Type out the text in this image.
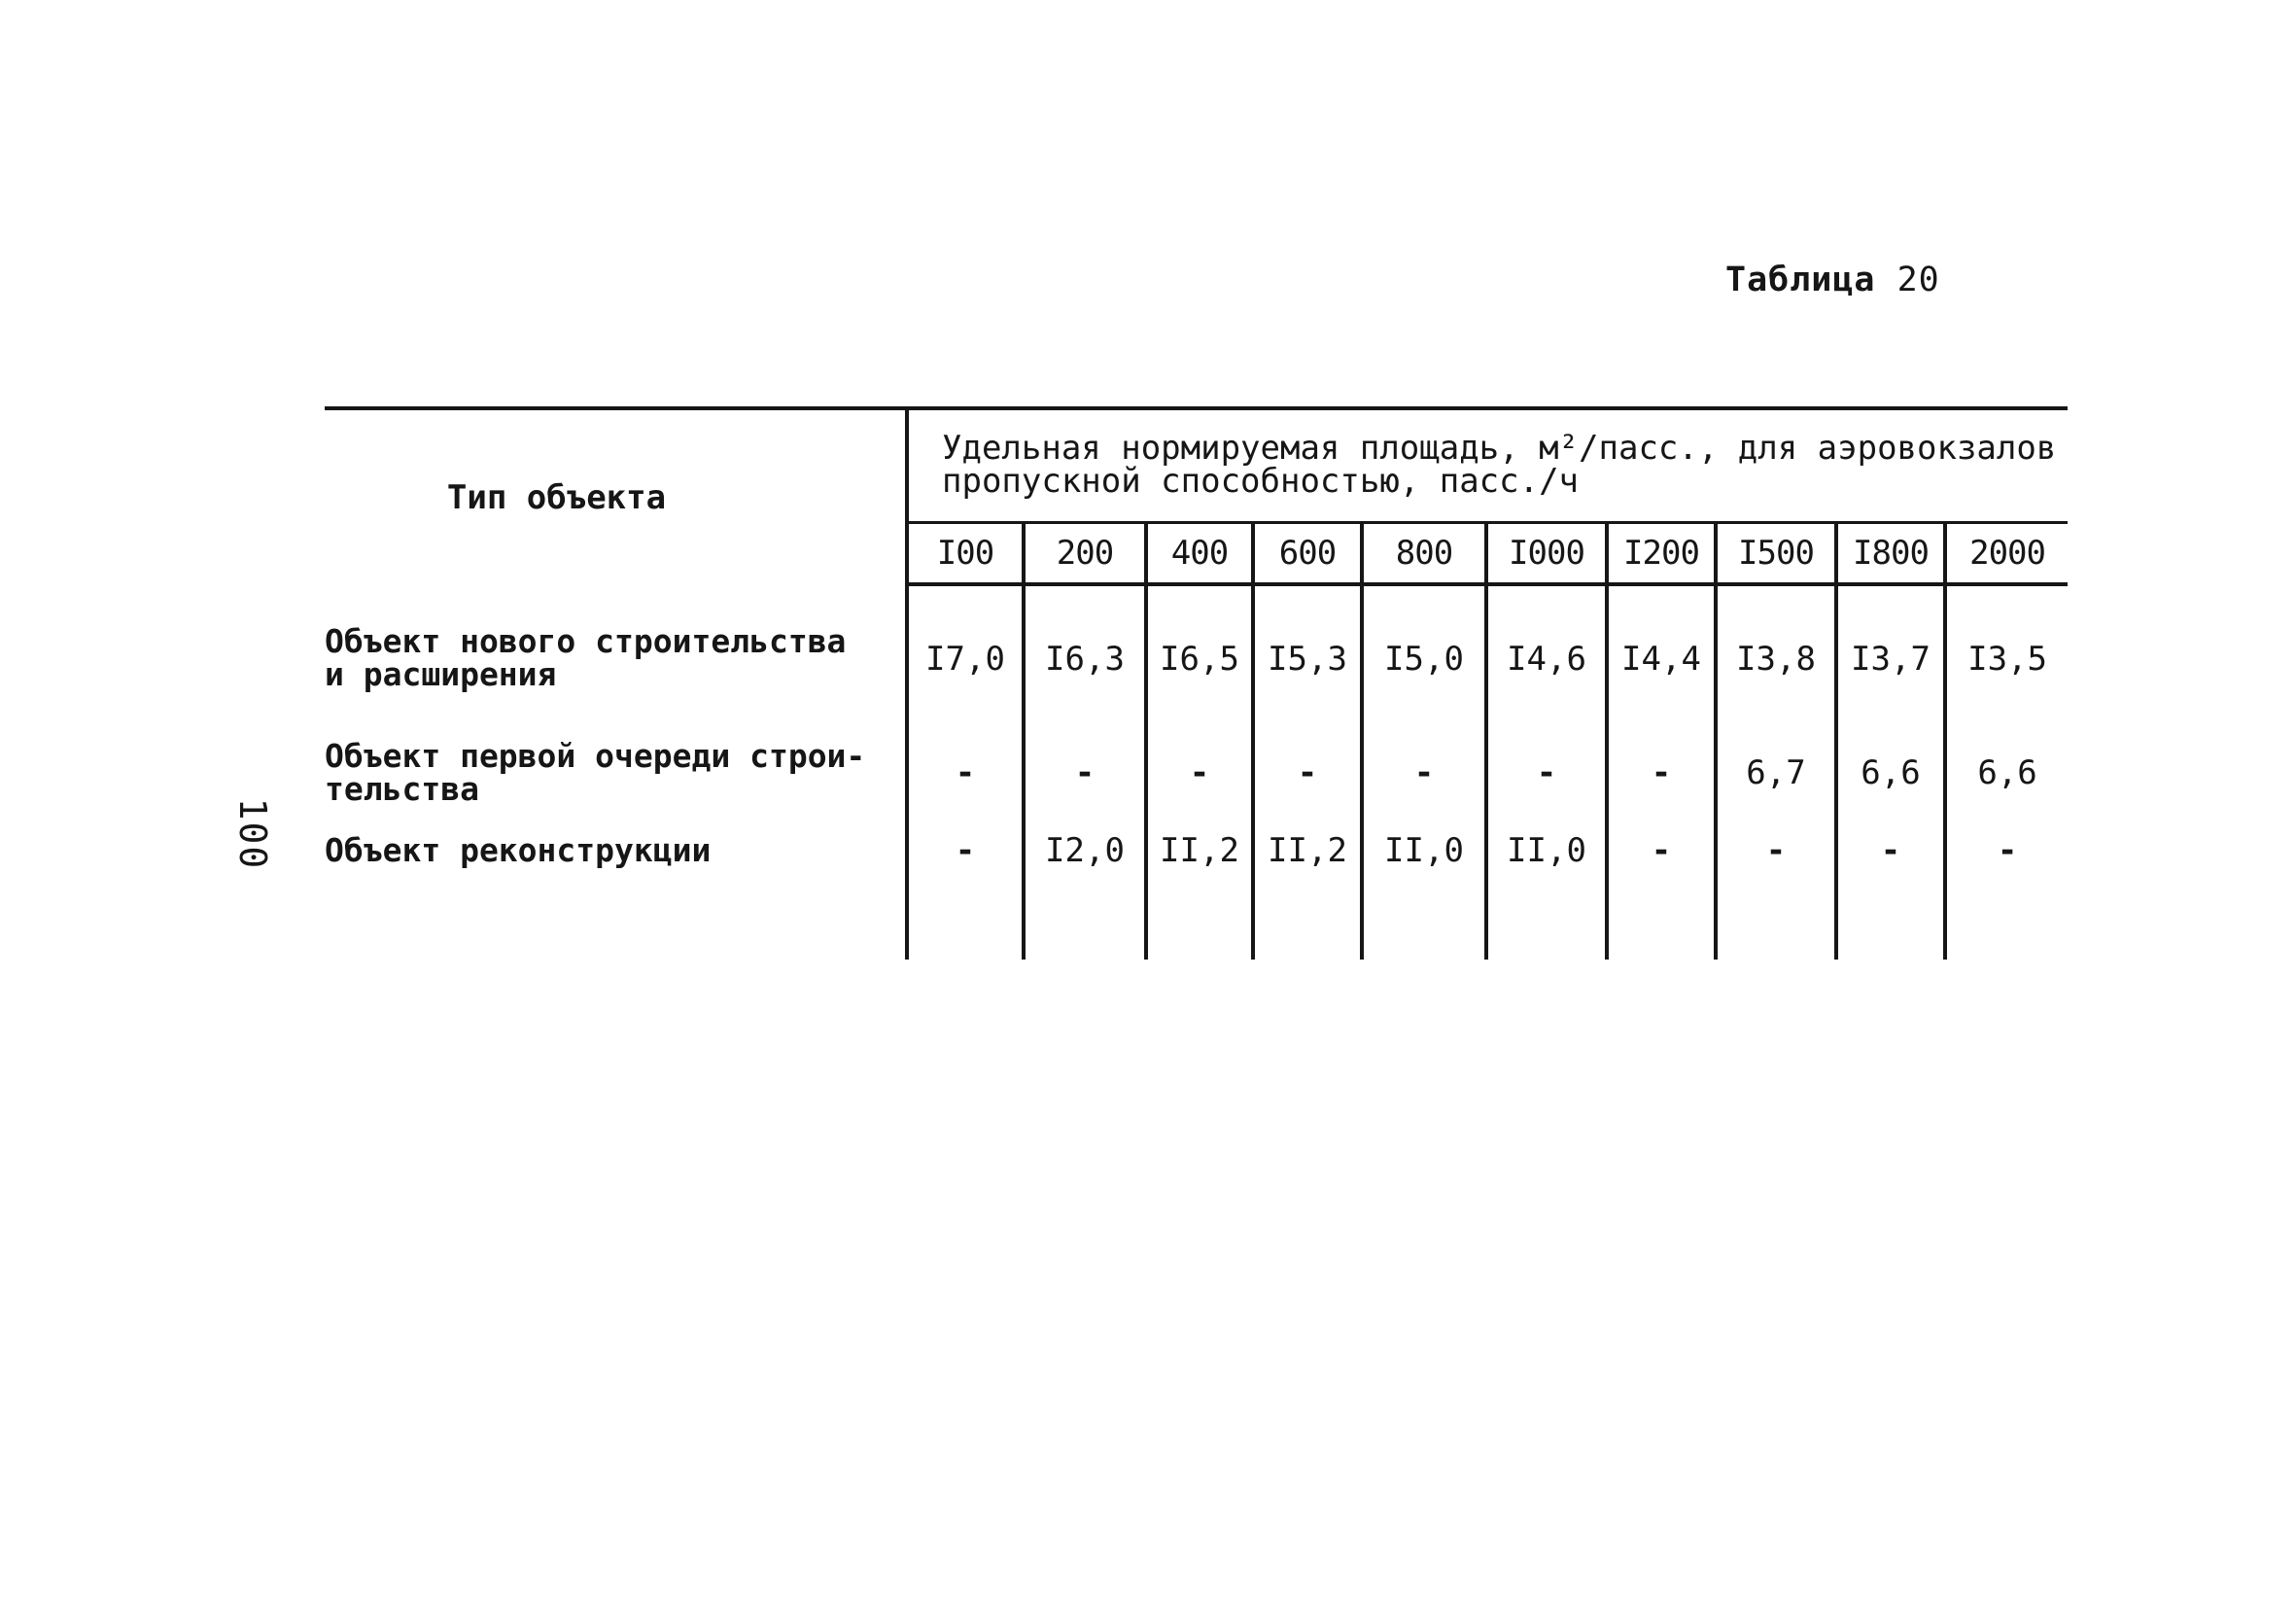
Таблица 20
100
Тип объекта	Удельная нормируемая площадь, м²/пасс., для аэровокзалов
пропускной способностью, пасс./ч									

	I00	200	400	600	800	I000	I200	I500	I800	2000

Объект нового строительства
и расширения	I7,0	I6,3	I6,5	I5,3	I5,0	I4,6	I4,4	I3,8	I3,7	I3,5

Объект первой очереди строи-
тельства	-	-	-	-	-	-	-	6,7	6,6	6,6

Объект реконструкции	-	I2,0	II,2	II,2	II,0	II,0	-	-	-	-
